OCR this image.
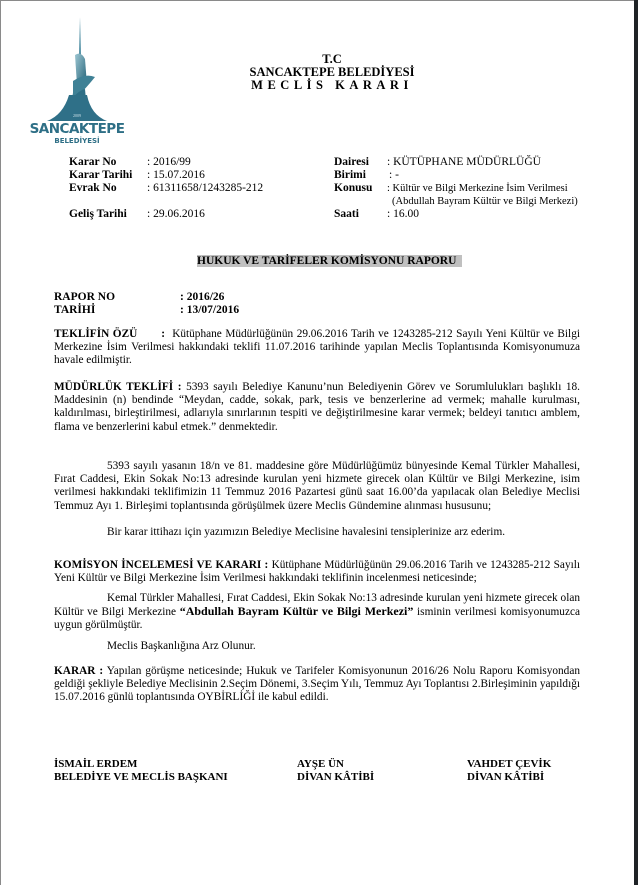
2009
SANCAKTEPE
BELEDİYESİ
T.C
SANCAKTEPE BELEDİYESİ
MECLİS KARARI
Karar No	: 2016/99
Karar Tarihi : 15.07.2016
Evrak No	: 61311658/1243285-212
Geliş Tarihi : 29.06.2016
Dairesi : KÜTÜPHANE MÜDÜRLÜĞÜ
Birimi : -
Konusu : Kültür ve Bilgi Merkezine İsim Verilmesi
(Abdullah Bayram Kültür ve Bilgi Merkezi)
Saati : 16.00
HUKUK VE TARİFELER KOMİSYONU RAPORU
RAPOR NO	: 2016/26
TARİHİ	: 13/07/2016
TEKLİFİN ÖZÜ : Kütüphane Müdürlüğünün 29.06.2016 Tarih ve 1243285-212 Sayılı Yeni Kültür ve Bilgi Merkezine İsim Verilmesi hakkındaki teklifi 11.07.2016 tarihinde yapılan Meclis Toplantısında Komisyonumuza havale edilmiştir.
MÜDÜRLÜK TEKLİFİ : 5393 sayılı Belediye Kanunu’nun Belediyenin Görev ve Sorumlulukları başlıklı 18. Maddesinin (n) bendinde “Meydan, cadde, sokak, park, tesis ve benzerlerine ad vermek; mahalle kurulması, kaldırılması, birleştirilmesi, adlarıyla sınırlarının tespiti ve değiştirilmesine karar vermek; beldeyi tanıtıcı amblem, flama ve benzerlerini kabul etmek.” denmektedir.
5393 sayılı yasanın 18/n ve 81. maddesine göre Müdürlüğümüz bünyesinde Kemal Türkler Mahallesi, Fırat Caddesi, Ekin Sokak No:13 adresinde kurulan yeni hizmete girecek olan Kültür ve Bilgi Merkezine, isim verilmesi hakkındaki teklifimizin 11 Temmuz 2016 Pazartesi günü saat 16.00’da yapılacak olan Belediye Meclisi Temmuz Ayı 1. Birleşimi toplantısında görüşülmek üzere Meclis Gündemine alınması hususunu;
Bir karar ittihazı için yazımızın Belediye Meclisine havalesini tensiplerinize arz ederim.
KOMİSYON İNCELEMESİ VE KARARI : Kütüphane Müdürlüğünün 29.06.2016 Tarih ve 1243285-212 Sayılı Yeni Kültür ve Bilgi Merkezine İsim Verilmesi hakkındaki teklifinin incelenmesi neticesinde;
Kemal Türkler Mahallesi, Fırat Caddesi, Ekin Sokak No:13 adresinde kurulan yeni hizmete girecek olan Kültür ve Bilgi Merkezine “Abdullah Bayram Kültür ve Bilgi Merkezi” isminin verilmesi komisyonumuzca uygun görülmüştür.
Meclis Başkanlığına Arz Olunur.
KARAR : Yapılan görüşme neticesinde; Hukuk ve Tarifeler Komisyonunun 2016/26 Nolu Raporu Komisyondan geldiği şekliyle Belediye Meclisinin 2.Seçim Dönemi, 3.Seçim Yılı, Temmuz Ayı Toplantısı 2.Birleşiminin yapıldığı 15.07.2016 günlü toplantısında OYBİRLİĞİ ile kabul edildi.
İSMAİL ERDEM
BELEDİYE VE MECLİS BAŞKANI
AYŞE ÜN
DİVAN KÂTİBİ
VAHDET ÇEVİK
DİVAN KÂTİBİ
